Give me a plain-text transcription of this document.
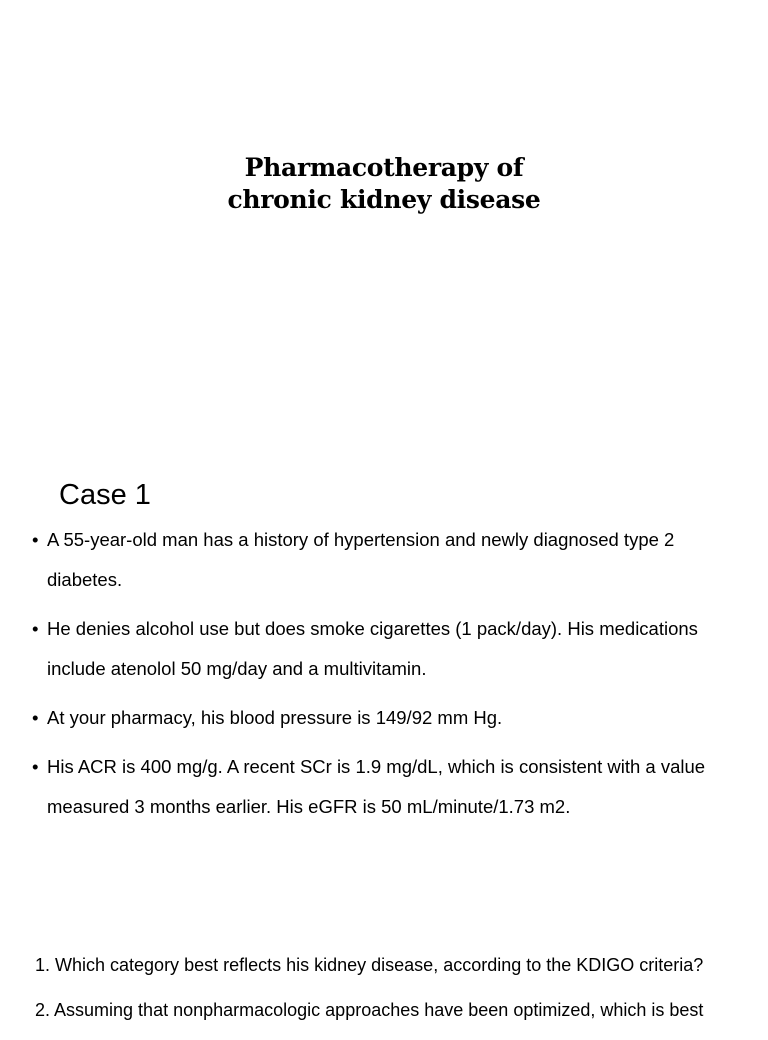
Pharmacotherapy of
chronic kidney disease
Case 1
• A 55-year-old man has a history of hypertension and newly diagnosed type 2 diabetes.
• He denies alcohol use but does smoke cigarettes (1 pack/day). His medications include atenolol 50 mg/day and a multivitamin.
• At your pharmacy, his blood pressure is 149/92 mm Hg.
• His ACR is 400 mg/g. A recent SCr is 1.9 mg/dL, which is consistent with a value measured 3 months earlier. His eGFR is 50 mL/minute/1.73 m2.
1. Which category best reflects his kidney disease, according to the KDIGO criteria?
2. Assuming that nonpharmacologic approaches have been optimized, which is best
